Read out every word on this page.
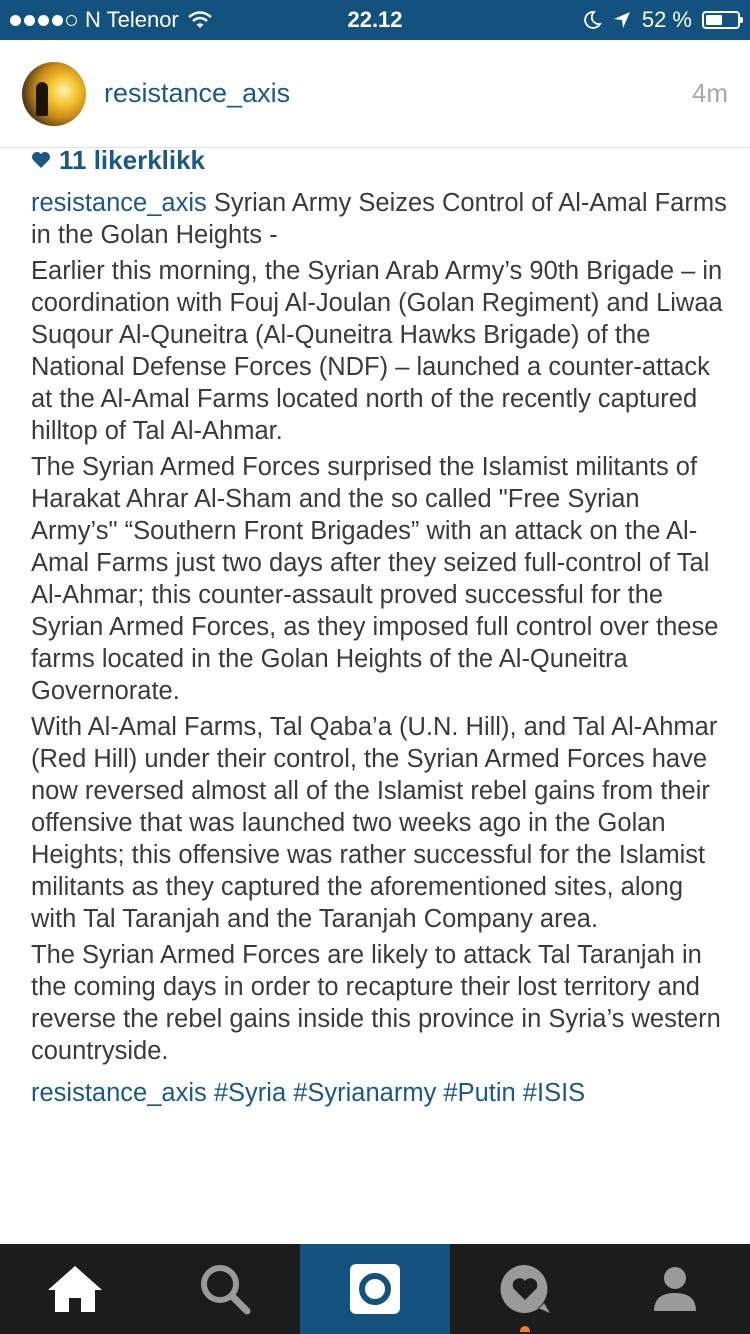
N Telenor	22.12	52 %
resistance_axis	4m
11 likerklikk

resistance_axis Syrian Army Seizes Control of Al-Amal Farms in the Golan Heights -

Earlier this morning, the Syrian Arab Army’s 90th Brigade – in coordination with Fouj Al-Joulan (Golan Regiment) and Liwaa Suqour Al-Quneitra (Al-Quneitra Hawks Brigade) of the National Defense Forces (NDF) – launched a counter-attack at the Al-Amal Farms located north of the recently captured hilltop of Tal Al-Ahmar.

The Syrian Armed Forces surprised the Islamist militants of Harakat Ahrar Al-Sham and the so called "Free Syrian Army’s" “Southern Front Brigades” with an attack on the Al-Amal Farms just two days after they seized full-control of Tal Al-Ahmar; this counter-assault proved successful for the Syrian Armed Forces, as they imposed full control over these farms located in the Golan Heights of the Al-Quneitra Governorate.

With Al-Amal Farms, Tal Qaba’a (U.N. Hill), and Tal Al-Ahmar (Red Hill) under their control, the Syrian Armed Forces have now reversed almost all of the Islamist rebel gains from their offensive that was launched two weeks ago in the Golan Heights; this offensive was rather successful for the Islamist militants as they captured the aforementioned sites, along with Tal Taranjah and the Taranjah Company area.

The Syrian Armed Forces are likely to attack Tal Taranjah in the coming days in order to recapture their lost territory and reverse the rebel gains inside this province in Syria’s western countryside.

resistance_axis #Syria #Syrianarmy #Putin #ISIS
